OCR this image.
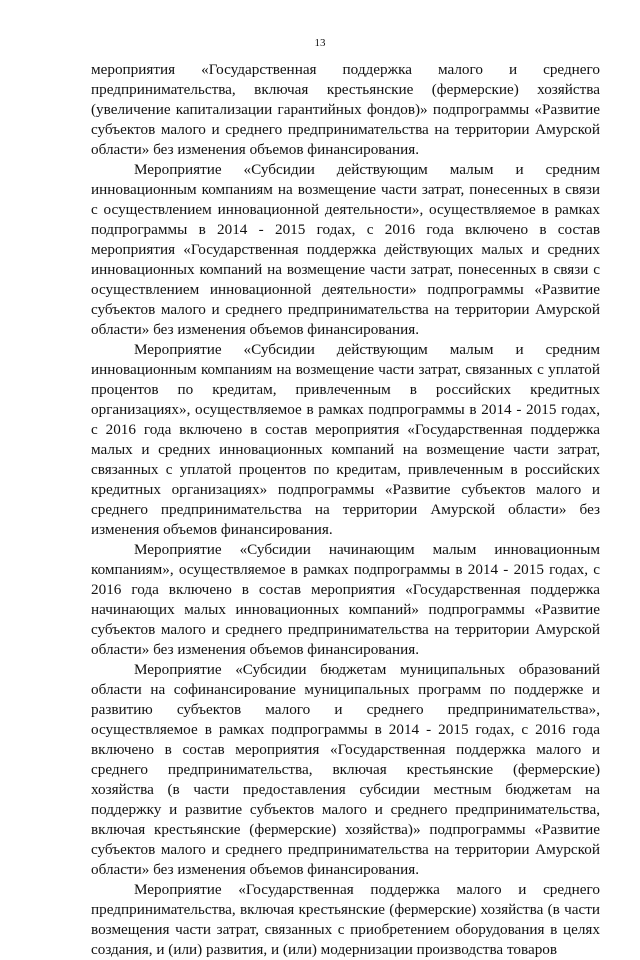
13

мероприятия «Государственная поддержка малого и среднего предпринимательства, включая крестьянские (фермерские) хозяйства (увеличение капитализации гарантийных фондов)» подпрограммы «Развитие субъектов малого и среднего предпринимательства на территории Амурской области» без изменения объемов финансирования.

Мероприятие «Субсидии действующим малым и средним инновационным компаниям на возмещение части затрат, понесенных в связи с осуществлением инновационной деятельности», осуществляемое в рамках подпрограммы в 2014 - 2015 годах, с 2016 года включено в состав мероприятия «Государственная поддержка действующих малых и средних инновационных компаний на возмещение части затрат, понесенных в связи с осуществлением инновационной деятельности» подпрограммы «Развитие субъектов малого и среднего предпринимательства на территории Амурской области» без изменения объемов финансирования.

Мероприятие «Субсидии действующим малым и средним инновационным компаниям на возмещение части затрат, связанных с уплатой процентов по кредитам, привлеченным в российских кредитных организациях», осуществляемое в рамках подпрограммы в 2014 - 2015 годах, с 2016 года включено в состав мероприятия «Государственная поддержка малых и средних инновационных компаний на возмещение части затрат, связанных с уплатой процентов по кредитам, привлеченным в российских кредитных организациях» подпрограммы «Развитие субъектов малого и среднего предпринимательства на территории Амурской области» без изменения объемов финансирования.

Мероприятие «Субсидии начинающим малым инновационным компаниям», осуществляемое в рамках подпрограммы в 2014 - 2015 годах, с 2016 года включено в состав мероприятия «Государственная поддержка начинающих малых инновационных компаний» подпрограммы «Развитие субъектов малого и среднего предпринимательства на территории Амурской области» без изменения объемов финансирования.

Мероприятие «Субсидии бюджетам муниципальных образований области на софинансирование муниципальных программ по поддержке и развитию субъектов малого и среднего предпринимательства», осуществляемое в рамках подпрограммы в 2014 - 2015 годах, с 2016 года включено в состав мероприятия «Государственная поддержка малого и среднего предпринимательства, включая крестьянские (фермерские) хозяйства (в части предоставления субсидии местным бюджетам на поддержку и развитие субъектов малого и среднего предпринимательства, включая крестьянские (фермерские) хозяйства)» подпрограммы «Развитие субъектов малого и среднего предпринимательства на территории Амурской области» без изменения объемов финансирования.

Мероприятие «Государственная поддержка малого и среднего предпринимательства, включая крестьянские (фермерские) хозяйства (в части возмещения части затрат, связанных с приобретением оборудования в целях создания, и (или) развития, и (или) модернизации производства товаров
